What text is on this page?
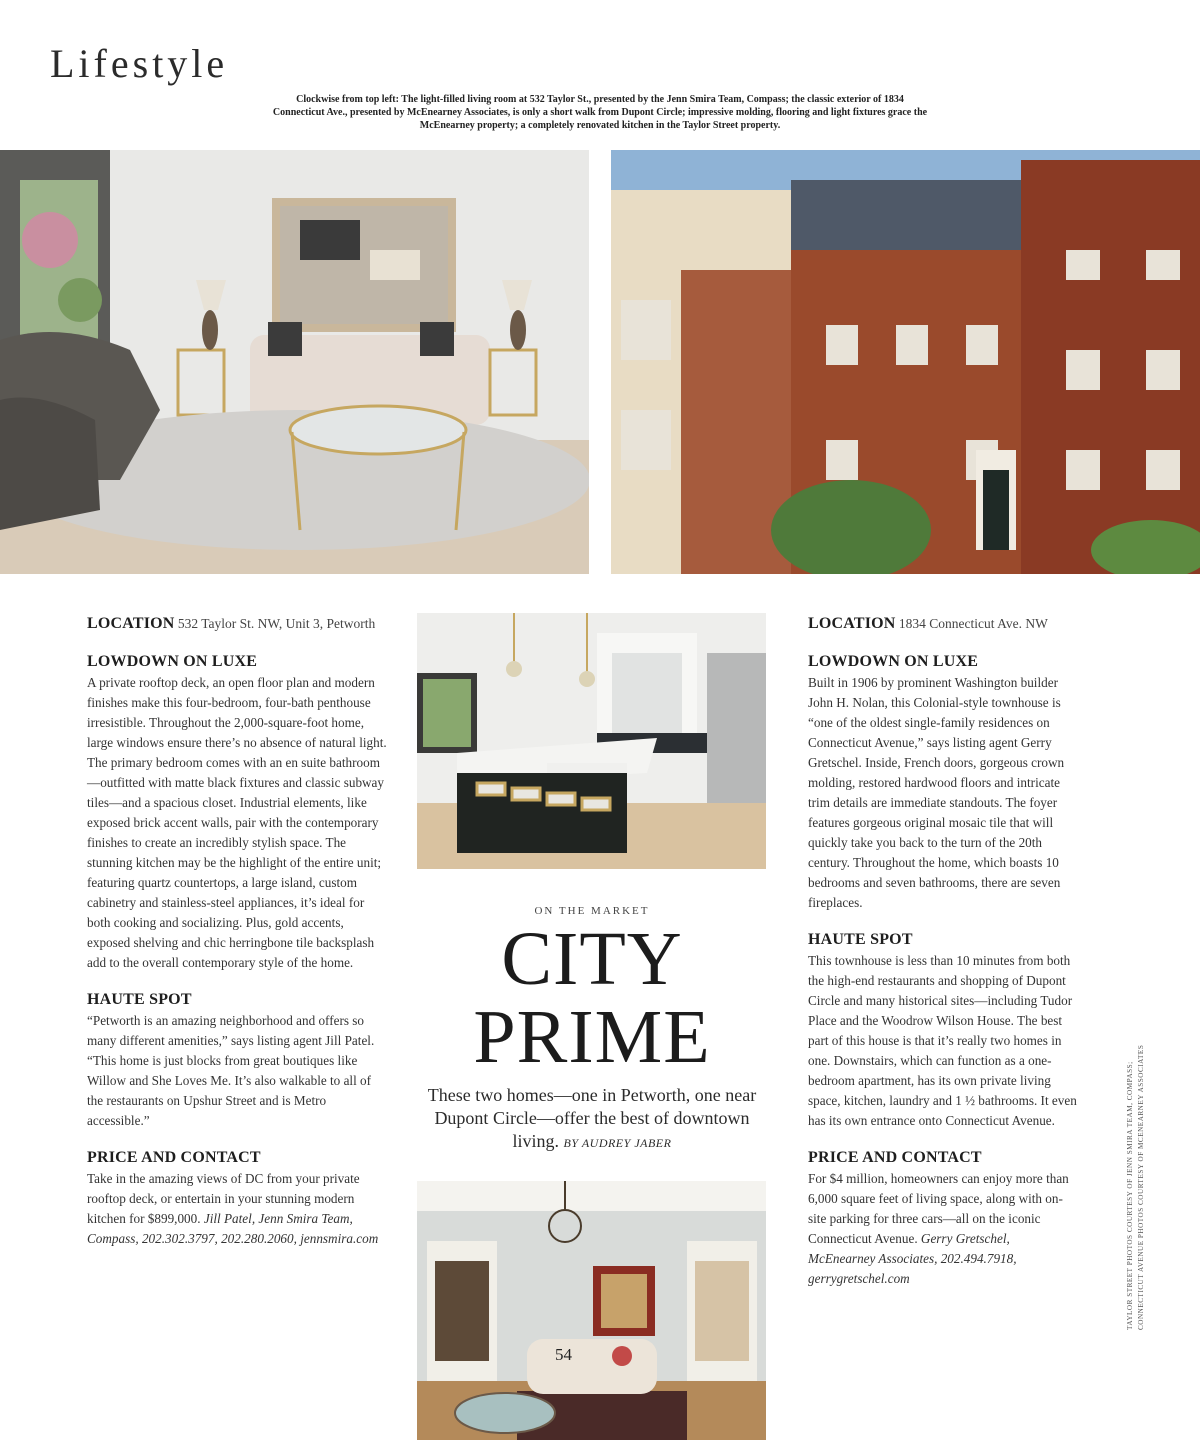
Lifestyle
Clockwise from top left: The light-filled living room at 532 Taylor St., presented by the Jenn Smira Team, Compass; the classic exterior of 1834 Connecticut Ave., presented by McEnearney Associates, is only a short walk from Dupont Circle; impressive molding, flooring and light fixtures grace the McEnearney property; a completely renovated kitchen in the Taylor Street property.

LOCATION 532 Taylor St. NW, Unit 3, Petworth

LOWDOWN ON LUXE

A private rooftop deck, an open floor plan and modern finishes make this four-bedroom, four-bath penthouse irresistible. Throughout the 2,000-square-foot home, large windows ensure there’s no absence of natural light. The primary bedroom comes with an en suite bathroom—outfitted with matte black fixtures and classic subway tiles—and a spacious closet. Industrial elements, like exposed brick accent walls, pair with the contemporary finishes to create an incredibly stylish space. The stunning kitchen may be the highlight of the entire unit; featuring quartz countertops, a large island, custom cabinetry and stainless-steel appliances, it’s ideal for both cooking and socializing. Plus, gold accents, exposed shelving and chic herringbone tile backsplash add to the overall contemporary style of the home.

HAUTE SPOT

“Petworth is an amazing neighborhood and offers so many different amenities,” says listing agent Jill Patel. “This home is just blocks from great boutiques like Willow and She Loves Me. It’s also walkable to all of the restaurants on Upshur Street and is Metro accessible.”

PRICE AND CONTACT

Take in the amazing views of DC from your private rooftop deck, or entertain in your stunning modern kitchen for $899,000. Jill Patel, Jenn Smira Team, Compass, 202.302.3797, 202.280.2060, jennsmira.com

ON THE MARKET
CITY
PRIME
These two homes—one in Petworth, one near Dupont Circle—offer the best of downtown living. BY AUDREY JABER
54

LOCATION 1834 Connecticut Ave. NW

LOWDOWN ON LUXE

Built in 1906 by prominent Washington builder John H. Nolan, this Colonial-style townhouse is “one of the oldest single-family residences on Connecticut Avenue,” says listing agent Gerry Gretschel. Inside, French doors, gorgeous crown molding, restored hardwood floors and intricate trim details are immediate standouts. The foyer features gorgeous original mosaic tile that will quickly take you back to the turn of the 20th century. Throughout the home, which boasts 10 bedrooms and seven bathrooms, there are seven fireplaces.

HAUTE SPOT

This townhouse is less than 10 minutes from both the high-end restaurants and shopping of Dupont Circle and many historical sites—including Tudor Place and the Woodrow Wilson House. The best part of this house is that it’s really two homes in one. Downstairs, which can function as a one-bedroom apartment, has its own private living space, kitchen, laundry and 1 ½ bathrooms. It even has its own entrance onto Connecticut Avenue.

PRICE AND CONTACT

For $4 million, homeowners can enjoy more than 6,000 square feet of living space, along with on-site parking for three cars—all on the iconic Connecticut Avenue. Gerry Gretschel, McEnearney Associates, 202.494.7918, gerrygretschel.com	TAYLOR STREET PHOTOS COURTESY OF JENN SMIRA TEAM, COMPASS; CONNECTICUT AVENUE PHOTOS COURTESY OF MCENEARNEY ASSOCIATES
